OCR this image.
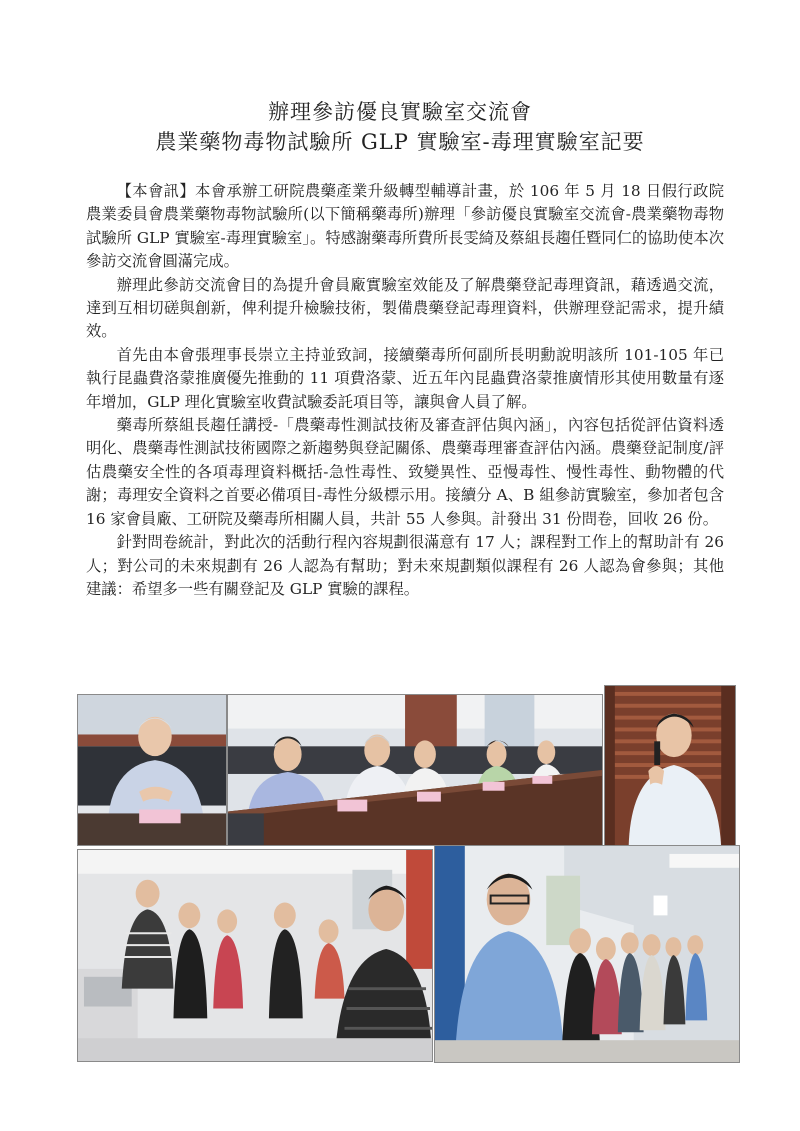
辦理參訪優良實驗室交流會
農業藥物毒物試驗所 GLP 實驗室-毒理實驗室記要

【本會訊】本會承辦工研院農藥產業升級轉型輔導計畫，於 106 年 5 月 18 日假行政院農業委員會農業藥物毒物試驗所(以下簡稱藥毒所)辦理「參訪優良實驗室交流會-農業藥物毒物試驗所 GLP 實驗室-毒理實驗室」。特感謝藥毒所費所長雯綺及蔡組長趨任暨同仁的協助使本次參訪交流會圓滿完成。

辦理此參訪交流會目的為提升會員廠實驗室效能及了解農藥登記毒理資訊，藉透過交流，達到互相切磋與創新，俾利提升檢驗技術，製備農藥登記毒理資料，供辦理登記需求，提升績效。

首先由本會張理事長崇立主持並致詞，接續藥毒所何副所長明勳說明該所 101-105 年已執行昆蟲費洛蒙推廣優先推動的 11 項費洛蒙、近五年內昆蟲費洛蒙推廣情形其使用數量有逐年增加，GLP 理化實驗室收費試驗委託項目等，讓與會人員了解。

藥毒所蔡組長趨任講授-「農藥毒性測試技術及審查評估與內涵」，內容包括從評估資料透明化、農藥毒性測試技術國際之新趨勢與登記關係、農藥毒理審查評估內涵。農藥登記制度/評估農藥安全性的各項毒理資料概括-急性毒性、致變異性、亞慢毒性、慢性毒性、動物體的代謝；毒理安全資料之首要必備項目-毒性分級標示用。接續分 A、B 組參訪實驗室，參加者包含 16 家會員廠、工研院及藥毒所相關人員，共計 55 人參與。計發出 31 份問卷，回收 26 份。

針對問卷統計，對此次的活動行程內容規劃很滿意有 17 人；課程對工作上的幫助計有 26 人；對公司的未來規劃有 26 人認為有幫助；對未來規劃類似課程有 26 人認為會參與；其他建議：希望多一些有關登記及 GLP 實驗的課程。
